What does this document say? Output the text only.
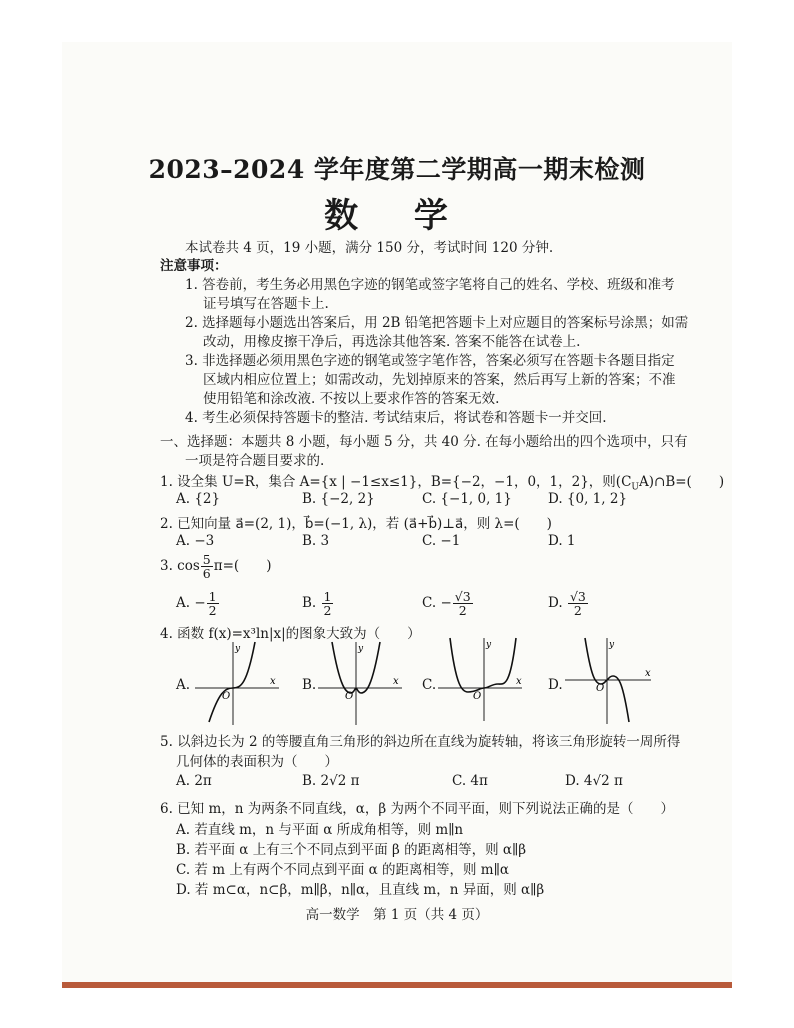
2023–2024 学年度第二学期高一期末检测
数 学
本试卷共 4 页，19 小题，满分 150 分，考试时间 120 分钟.
注意事项：
1. 答卷前，考生务必用黑色字迹的钢笔或签字笔将自己的姓名、学校、班级和准考
证号填写在答题卡上.
2. 选择题每小题选出答案后，用 2B 铅笔把答题卡上对应题目的答案标号涂黑；如需
改动，用橡皮擦干净后，再选涂其他答案. 答案不能答在试卷上.
3. 非选择题必须用黑色字迹的钢笔或签字笔作答，答案必须写在答题卡各题目指定
区域内相应位置上；如需改动，先划掉原来的答案，然后再写上新的答案；不准
使用铅笔和涂改液. 不按以上要求作答的答案无效.
4. 考生必须保持答题卡的整洁. 考试结束后，将试卷和答题卡一并交回.
一、选择题：本题共 8 小题，每小题 5 分，共 40 分. 在每小题给出的四个选项中，只有
一项是符合题目要求的.
1. 设全集 U=R，集合 A={x | −1≤x≤1}，B={−2，−1，0，1，2}，则$(C_UA)\cap B=$(　　)
A. {2}	B. {−2, 2}	C. {−1, 0, 1}	D. {0, 1, 2}
2. 已知向量 a⃗=(2, 1)，b⃗=(−1, λ)，若 (a⃗+b⃗)⊥a⃗，则 λ=(　　)
A. −3	B. 3	C. −1	D. 1
3. $\cos \frac{5}{6} \pi=$(　　)
A. − $\frac{1}{2}$	B. $\frac{1}{2}$	C. − $\frac{√3}{2}$	D. $\frac{√3}{2}$
4. 函数 f(x)=x³ln|x|的图象大致为（　　）
A.
y
x
O
B.
y
x
O
C.
y
x
O
D.
y
x
O
5. 以斜边长为 2 的等腰直角三角形的斜边所在直线为旋转轴，将该三角形旋转一周所得
几何体的表面积为（　　）
A. 2π	B. 2√2 π	C. 4π	D. 4√2 π
6. 已知 m，n 为两条不同直线，α，β 为两个不同平面，则下列说法正确的是（　　）
A. 若直线 m，n 与平面 α 所成角相等，则 m∥n
B. 若平面 α 上有三个不同点到平面 β 的距离相等，则 α∥β
C. 若 m 上有两个不同点到平面 α 的距离相等，则 m∥α
D. 若 m⊂α，n⊂β，m∥β，n∥α，且直线 m，n 异面，则 α∥β
高一数学　第 1 页（共 4 页）
